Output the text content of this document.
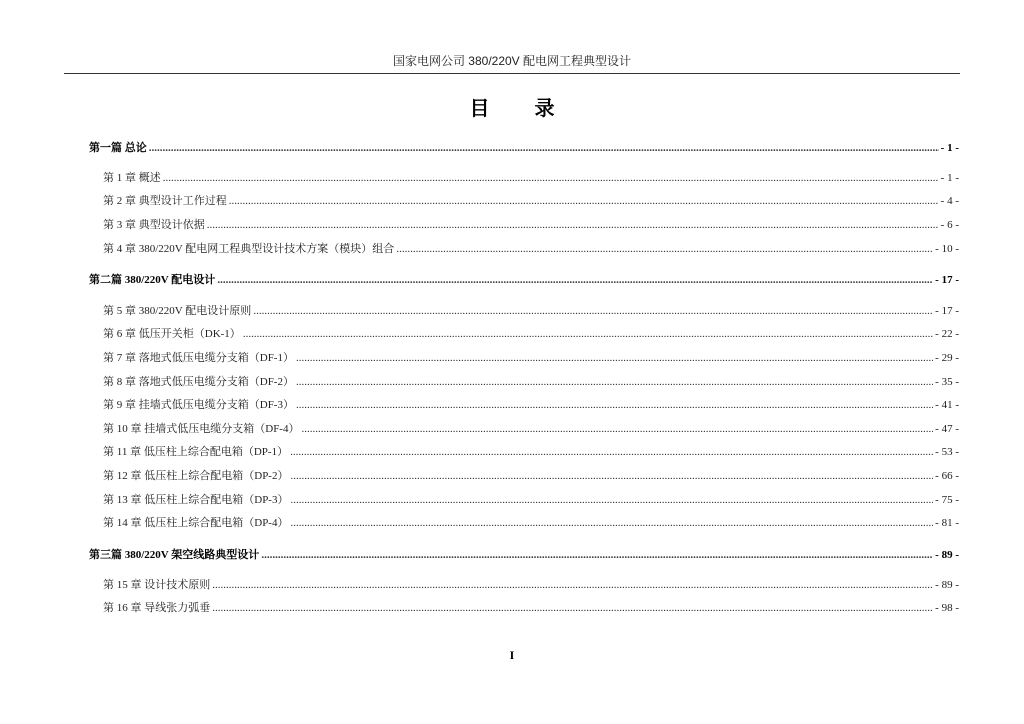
国家电网公司 380/220V 配电网工程典型设计
目 录
第一篇 总论 .....	- 1 -
第 1 章 概述 .....	- 1 -
第 2 章 典型设计工作过程 .....	- 4 -
第 3 章 典型设计依据 .....	- 6 -
第 4 章 380/220V 配电网工程典型设计技术方案（模块）组合 .....	- 10 -
第二篇 380/220V 配电设计 .....	- 17 -
第 5 章 380/220V 配电设计原则 .....	- 17 -
第 6 章 低压开关柜（DK-1） .....	- 22 -
第 7 章 落地式低压电缆分支箱（DF-1） .....	- 29 -
第 8 章 落地式低压电缆分支箱（DF-2） .....	- 35 -
第 9 章 挂墙式低压电缆分支箱（DF-3） .....	- 41 -
第 10 章 挂墙式低压电缆分支箱（DF-4） .....	- 47 -
第 11 章 低压柱上综合配电箱（DP-1） .....	- 53 -
第 12 章 低压柱上综合配电箱（DP-2） .....	- 66 -
第 13 章 低压柱上综合配电箱（DP-3） .....	- 75 -
第 14 章 低压柱上综合配电箱（DP-4） .....	- 81 -
第三篇 380/220V 架空线路典型设计 .....	- 89 -
第 15 章 设计技术原则 .....	- 89 -
第 16 章 导线张力弧垂 .....	- 98 -
I
